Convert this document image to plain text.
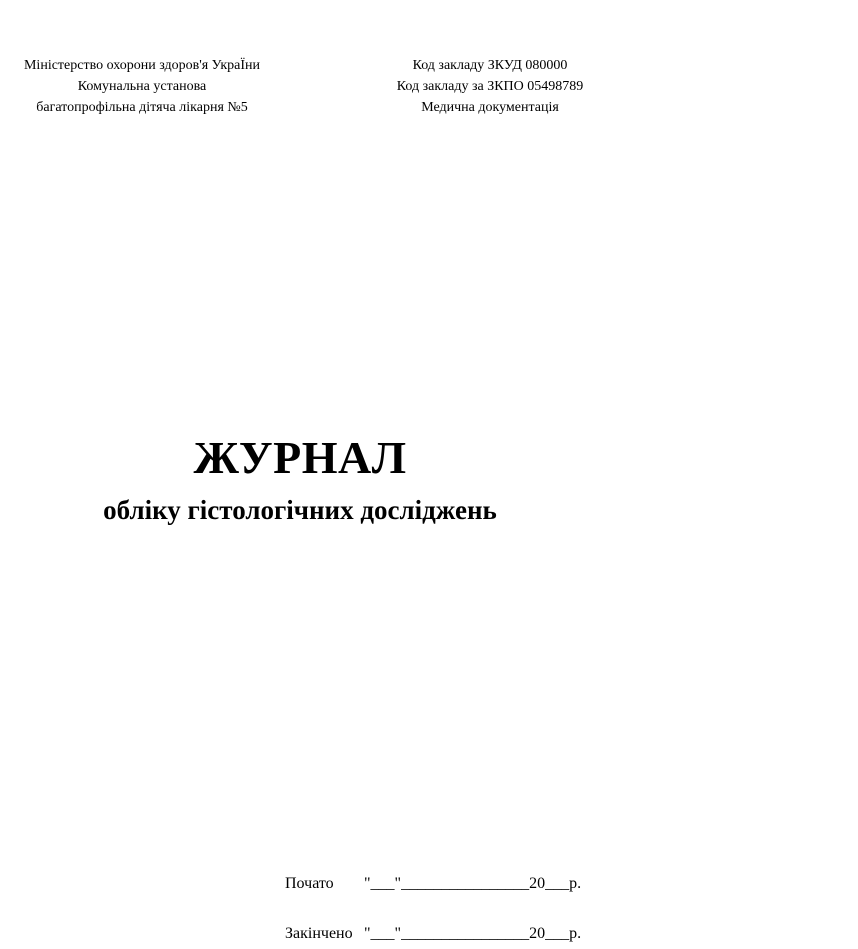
Міністерство охорони здоров'я УкраЇни
Комунальна установа
багатопрофільна дітяча лікарня №5
Код закладу ЗКУД 080000
Код закладу за ЗКПО 05498789
Медична документація
ЖУРНАЛ
обліку гістологічних досліджень
Почато "___"________________20___р.
Закінчено "___"________________20___р.
